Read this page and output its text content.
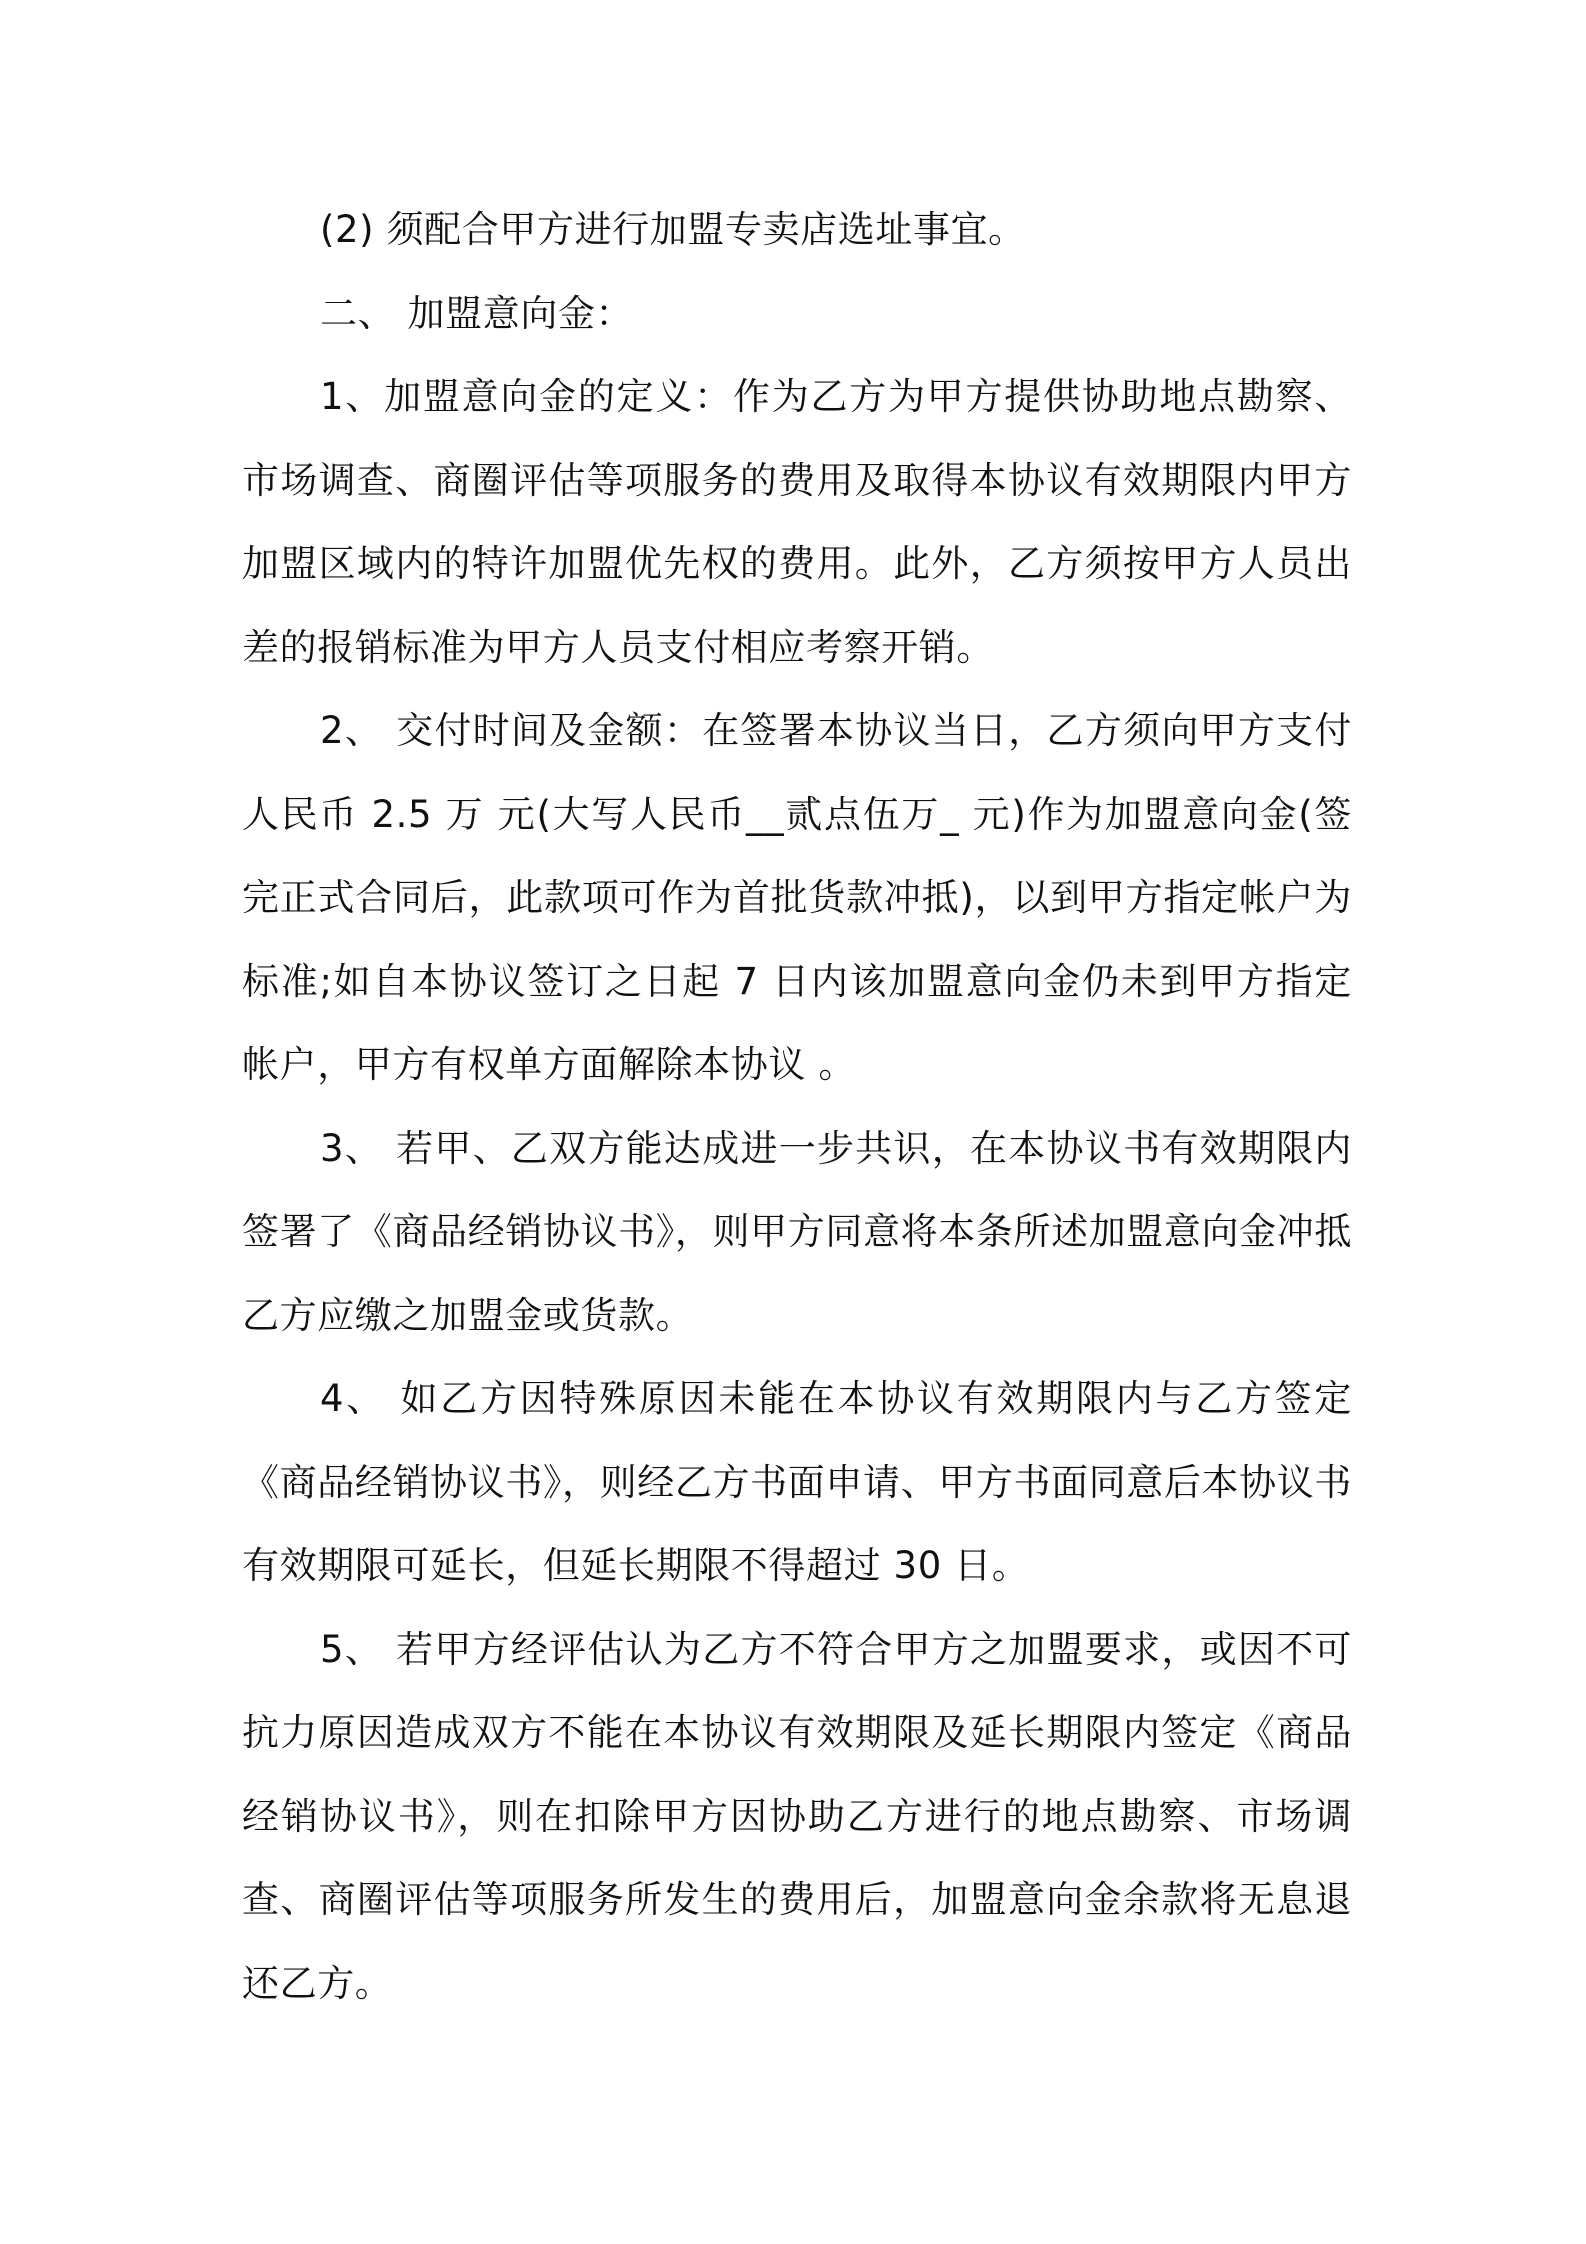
(2) 须配合甲方进行加盟专卖店选址事宜。

二、 加盟意向金：

1、加盟意向金的定义：作为乙方为甲方提供协助地点勘察、市场调查、商圈评估等项服务的费用及取得本协议有效期限内甲方加盟区域内的特许加盟优先权的费用。此外，乙方须按甲方人员出差的报销标准为甲方人员支付相应考察开销。

2、 交付时间及金额：在签署本协议当日，乙方须向甲方支付人民币 2.5 万 元(大写人民币__贰点伍万_ 元)作为加盟意向金(签完正式合同后，此款项可作为首批货款冲抵)，以到甲方指定帐户为标准;如自本协议签订之日起 7 日内该加盟意向金仍未到甲方指定帐户，甲方有权单方面解除本协议 。

3、 若甲、乙双方能达成进一步共识，在本协议书有效期限内签署了《商品经销协议书》，则甲方同意将本条所述加盟意向金冲抵乙方应缴之加盟金或货款。

4、 如乙方因特殊原因未能在本协议有效期限内与乙方签定《商品经销协议书》，则经乙方书面申请、甲方书面同意后本协议书有效期限可延长，但延长期限不得超过 30 日。

5、 若甲方经评估认为乙方不符合甲方之加盟要求，或因不可抗力原因造成双方不能在本协议有效期限及延长期限内签定《商品经销协议书》，则在扣除甲方因协助乙方进行的地点勘察、市场调查、商圈评估等项服务所发生的费用后，加盟意向金余款将无息退还乙方。
